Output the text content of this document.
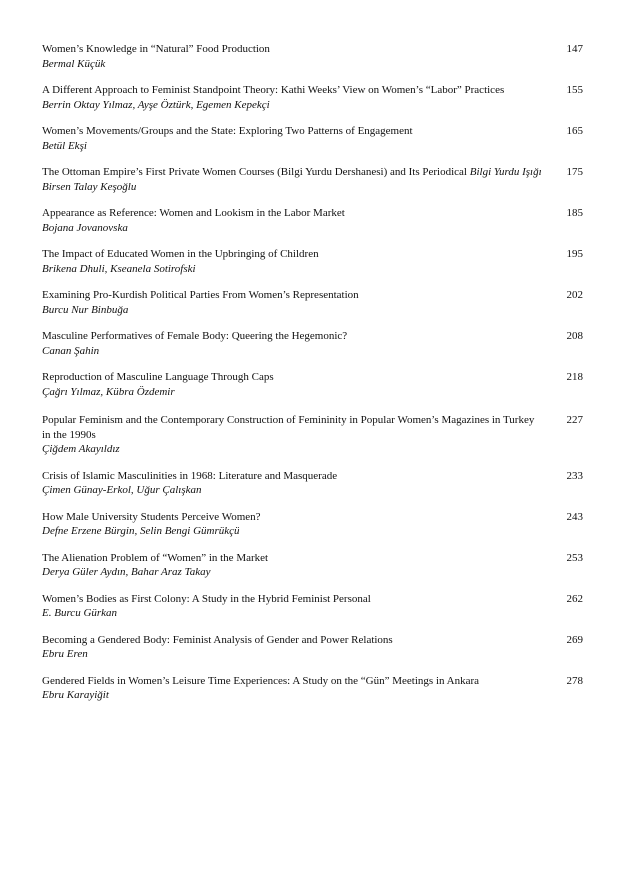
Women’s Knowledge in “Natural” Food Production
Bermal Küçük
147
A Different Approach to Feminist Standpoint Theory: Kathi Weeks’ View on Women’s “Labor” Practices
Berrin Oktay Yılmaz, Ayşe Öztürk, Egemen Kepekçi
155
Women’s Movements/Groups and the State: Exploring Two Patterns of Engagement
Betül Ekşi
165
The Ottoman Empire’s First Private Women Courses (Bilgi Yurdu Dershanesi) and Its Periodical Bilgi Yurdu Işığı
Birsen Talay Keşoğlu
175
Appearance as Reference: Women and Lookism in the Labor Market
Bojana Jovanovska
185
The Impact of Educated Women in the Upbringing of Children
Brikena Dhuli, Kseanela Sotirofski
195
Examining Pro-Kurdish Political Parties From Women’s Representation
Burcu Nur Binbuğa
202
Masculine Performatives of Female Body: Queering the Hegemonic?
Canan Şahin
208
Reproduction of Masculine Language Through Caps
Çağrı Yılmaz, Kübra Özdemir
218
Popular Feminism and the Contemporary Construction of Femininity in Popular Women’s Magazines in Turkey in the 1990s
Çiğdem Akayıldız
227
Crisis of Islamic Masculinities in 1968: Literature and Masquerade
Çimen Günay-Erkol, Uğur Çalışkan
233
How Male University Students Perceive Women?
Defne Erzene Bürgin, Selin Bengi Gümrükçü
243
The Alienation Problem of “Women” in the Market
Derya Güler Aydın, Bahar Araz Takay
253
Women’s Bodies as First Colony: A Study in the Hybrid Feminist Personal
E. Burcu Gürkan
262
Becoming a Gendered Body: Feminist Analysis of Gender and Power Relations
Ebru Eren
269
Gendered Fields in Women’s Leisure Time Experiences: A Study on the “Gün” Meetings in Ankara
Ebru Karayiğit
278
